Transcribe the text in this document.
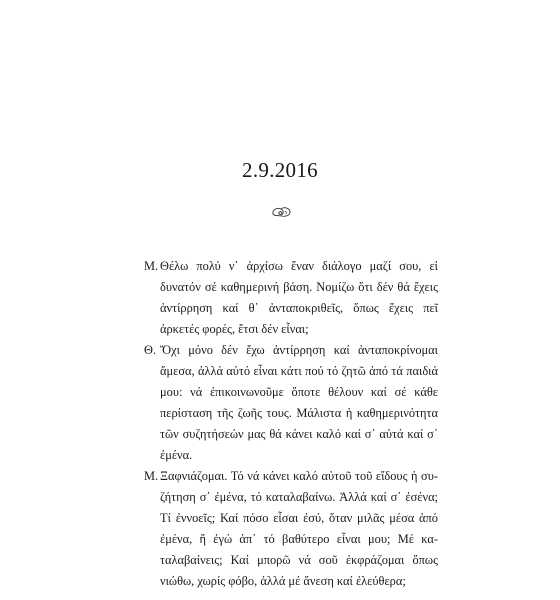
2.9.2016
Μ. Θέλω πολύ ν᾽ ἀρχίσω ἕναν διάλογο μαζί σου, εἰ δυνατόν σέ καθημερινή βάση. Νομίζω ὅτι δέν θά ἔχεις ἀντίρρηση καί θ᾽ ἀνταποκριθεῖς, ὅπως ἔχεις πεῖ ἀρκετές φορές, ἔτσι δέν εἶναι;
Θ. Ὄχι μόνο δέν ἔχω ἀντίρρηση καί ἀνταποκρίνομαι ἄμεσα, ἀλλά αὐτό εἶναι κάτι πού τό ζητῶ ἀπό τά παιδιά μου: νά ἐπικοινωνοῦμε ὅποτε θέλουν καί σέ κάθε περίσταση τῆς ζωῆς τους. Μάλιστα ἡ καθημερινότητα τῶν συζητήσεών μας θά κάνει καλό καί σ᾽ αὐτά καί σ᾽ ἐμένα.
Μ. Ξαφνιάζομαι. Τό νά κάνει καλό αὐτοῦ τοῦ εἴδους ἡ συζήτηση σ᾽ ἐμένα, τό καταλαβαίνω. Ἀλλά καί σ᾽ ἐσένα; Τί ἐννοεῖς; Καί πόσο εἶσαι ἐσύ, ὅταν μιλᾶς μέσα ἀπό ἐμένα, ἤ ἐγώ ἀπ᾽ τό βαθύτερο εἶναι μου; Μέ καταλαβαίνεις; Καί μπορῶ νά σοῦ ἐκφράζομαι ὅπως νιώθω, χωρίς φόβο, ἀλλά μέ ἄνεση καί ἐλεύθερα;
